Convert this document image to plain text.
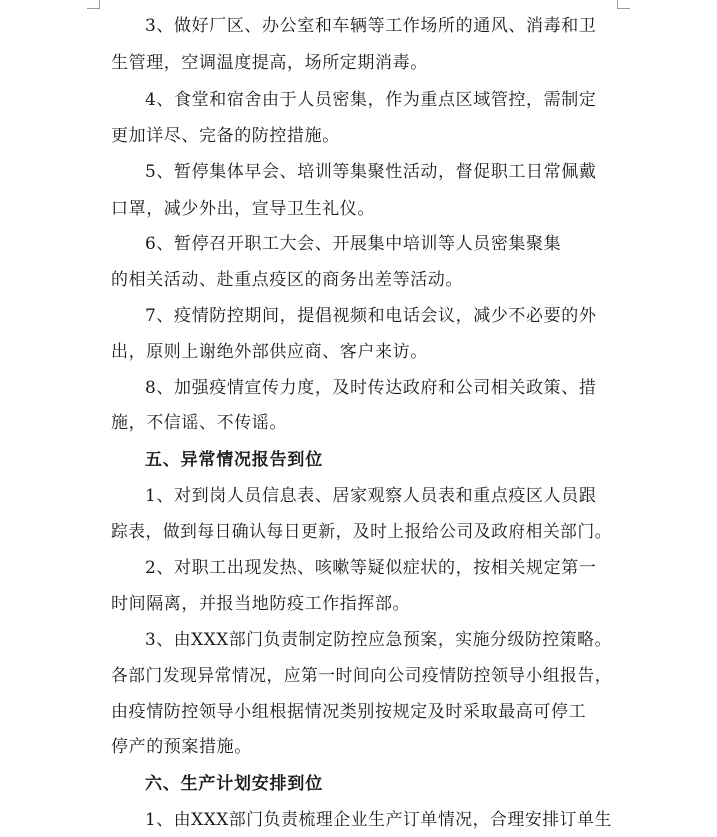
3、做好厂区、办公室和车辆等工作场所的通风、消毒和卫
生管理，空调温度提高，场所定期消毒。
4、食堂和宿舍由于人员密集，作为重点区域管控，需制定
更加详尽、完备的防控措施。
5、暂停集体早会、培训等集聚性活动，督促职工日常佩戴
口罩，减少外出，宣导卫生礼仪。
6、暂停召开职工大会、开展集中培训等人员密集聚集
的相关活动、赴重点疫区的商务出差等活动。
7、疫情防控期间，提倡视频和电话会议，减少不必要的外
出，原则上谢绝外部供应商、客户来访。
8、加强疫情宣传力度，及时传达政府和公司相关政策、措
施，不信谣、不传谣。
五、异常情况报告到位
1、对到岗人员信息表、居家观察人员表和重点疫区人员跟
踪表，做到每日确认每日更新，及时上报给公司及政府相关部门。
2、对职工出现发热、咳嗽等疑似症状的，按相关规定第一
时间隔离，并报当地防疫工作指挥部。
3、由XXX部门负责制定防控应急预案，实施分级防控策略。
各部门发现异常情况，应第一时间向公司疫情防控领导小组报告，
由疫情防控领导小组根据情况类别按规定及时采取最高可停工
停产的预案措施。
六、生产计划安排到位
1、由XXX部门负责梳理企业生产订单情况，合理安排订单生
